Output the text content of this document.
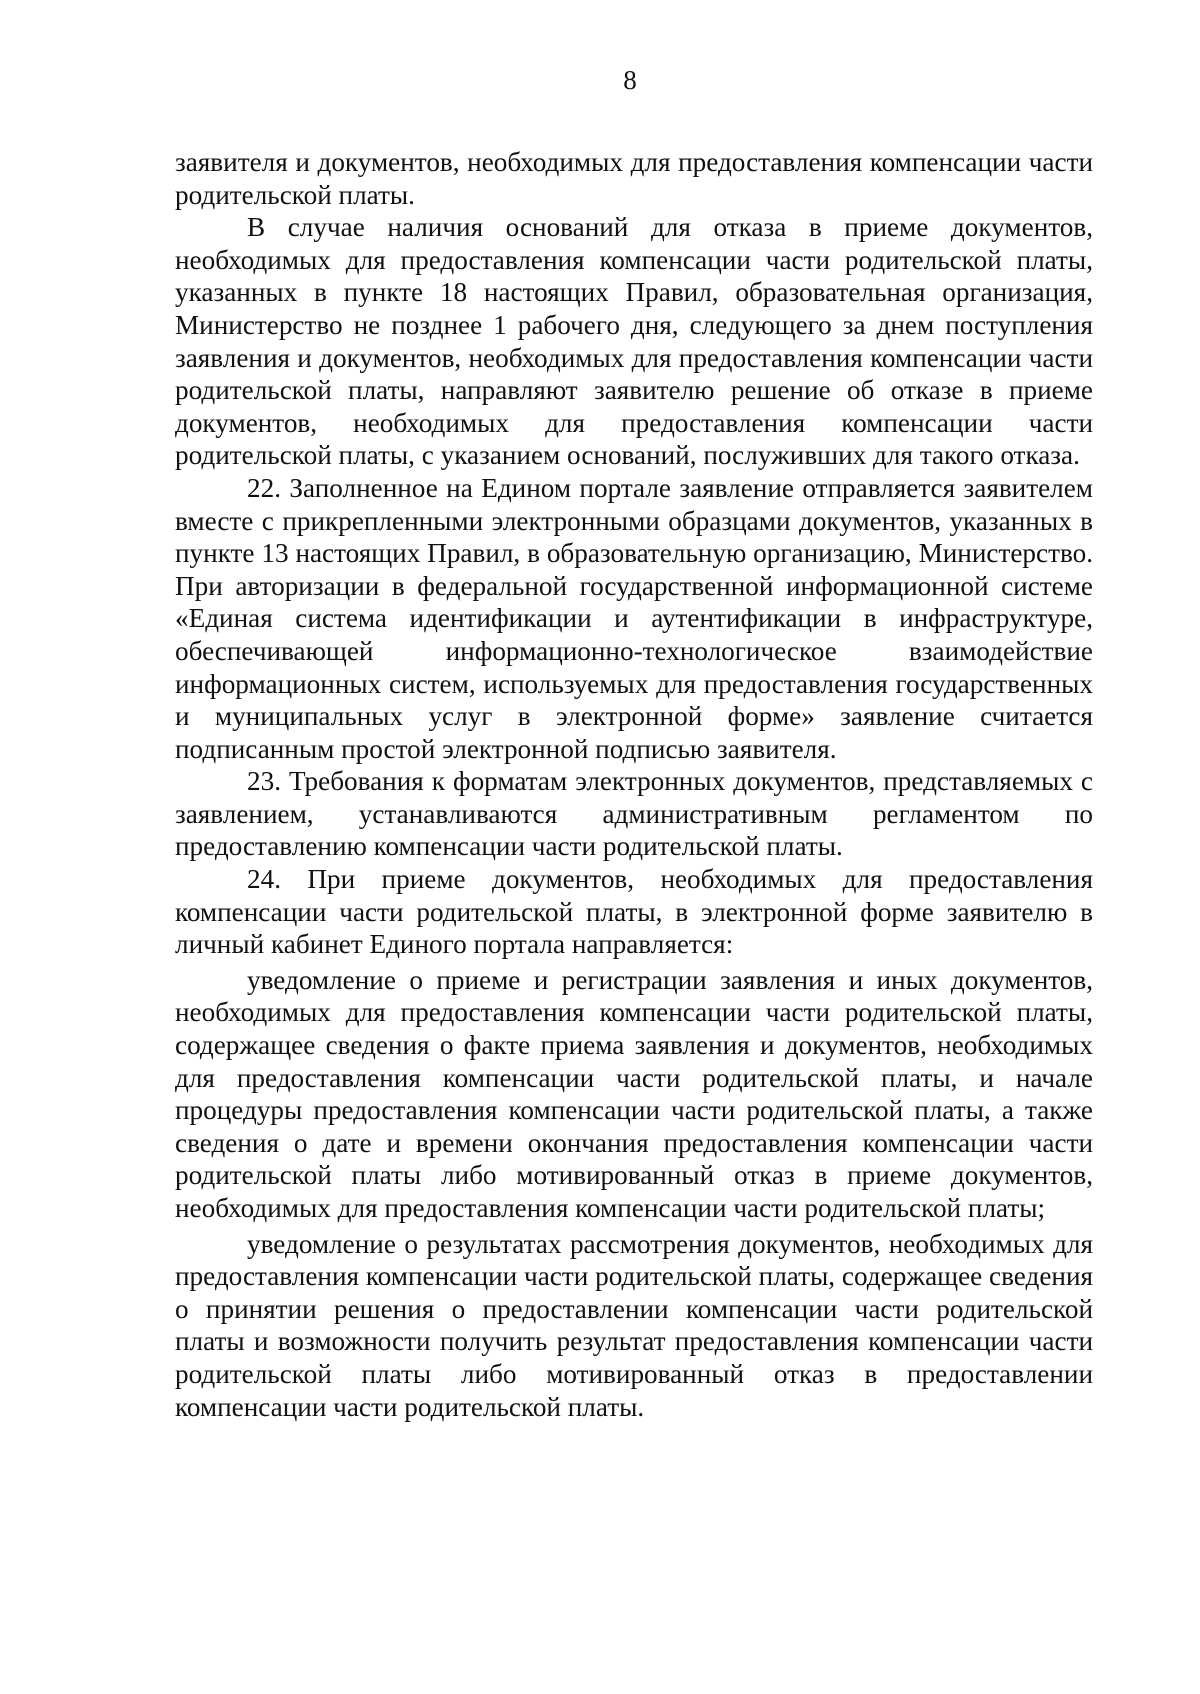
8

заявителя и документов, необходимых для предоставления компенсации части родительской платы.

В случае наличия оснований для отказа в приеме документов, необходимых для предоставления компенсации части родительской платы, указанных в пункте 18 настоящих Правил, образовательная организация, Министерство не позднее 1 рабочего дня, следующего за днем поступления заявления и документов, необходимых для предоставления компенсации части родительской платы, направляют заявителю решение об отказе в приеме документов, необходимых для предоставления компенсации части родительской платы, с указанием оснований, послуживших для такого отказа.

22. Заполненное на Едином портале заявление отправляется заявителем вместе с прикрепленными электронными образцами документов, указанных в пункте 13 настоящих Правил, в образовательную организацию, Министерство. При авторизации в федеральной государственной информационной системе «Единая система идентификации и аутентификации в инфраструктуре, обеспечивающей информационно-технологическое взаимодействие информационных систем, используемых для предоставления государственных и муниципальных услуг в электронной форме» заявление считается подписанным простой электронной подписью заявителя.

23. Требования к форматам электронных документов, представляемых с заявлением, устанавливаются административным регламентом по предоставлению компенсации части родительской платы.

24. При приеме документов, необходимых для предоставления компенсации части родительской платы, в электронной форме заявителю в личный кабинет Единого портала направляется:

уведомление о приеме и регистрации заявления и иных документов, необходимых для предоставления компенсации части родительской платы, содержащее сведения о факте приема заявления и документов, необходимых для предоставления компенсации части родительской платы, и начале процедуры предоставления компенсации части родительской платы, а также сведения о дате и времени окончания предоставления компенсации части родительской платы либо мотивированный отказ в приеме документов, необходимых для предоставления компенсации части родительской платы;

уведомление о результатах рассмотрения документов, необходимых для предоставления компенсации части родительской платы, содержащее сведения о принятии решения о предоставлении компенсации части родительской платы и возможности получить результат предоставления компенсации части родительской платы либо мотивированный отказ в предоставлении компенсации части родительской платы.
